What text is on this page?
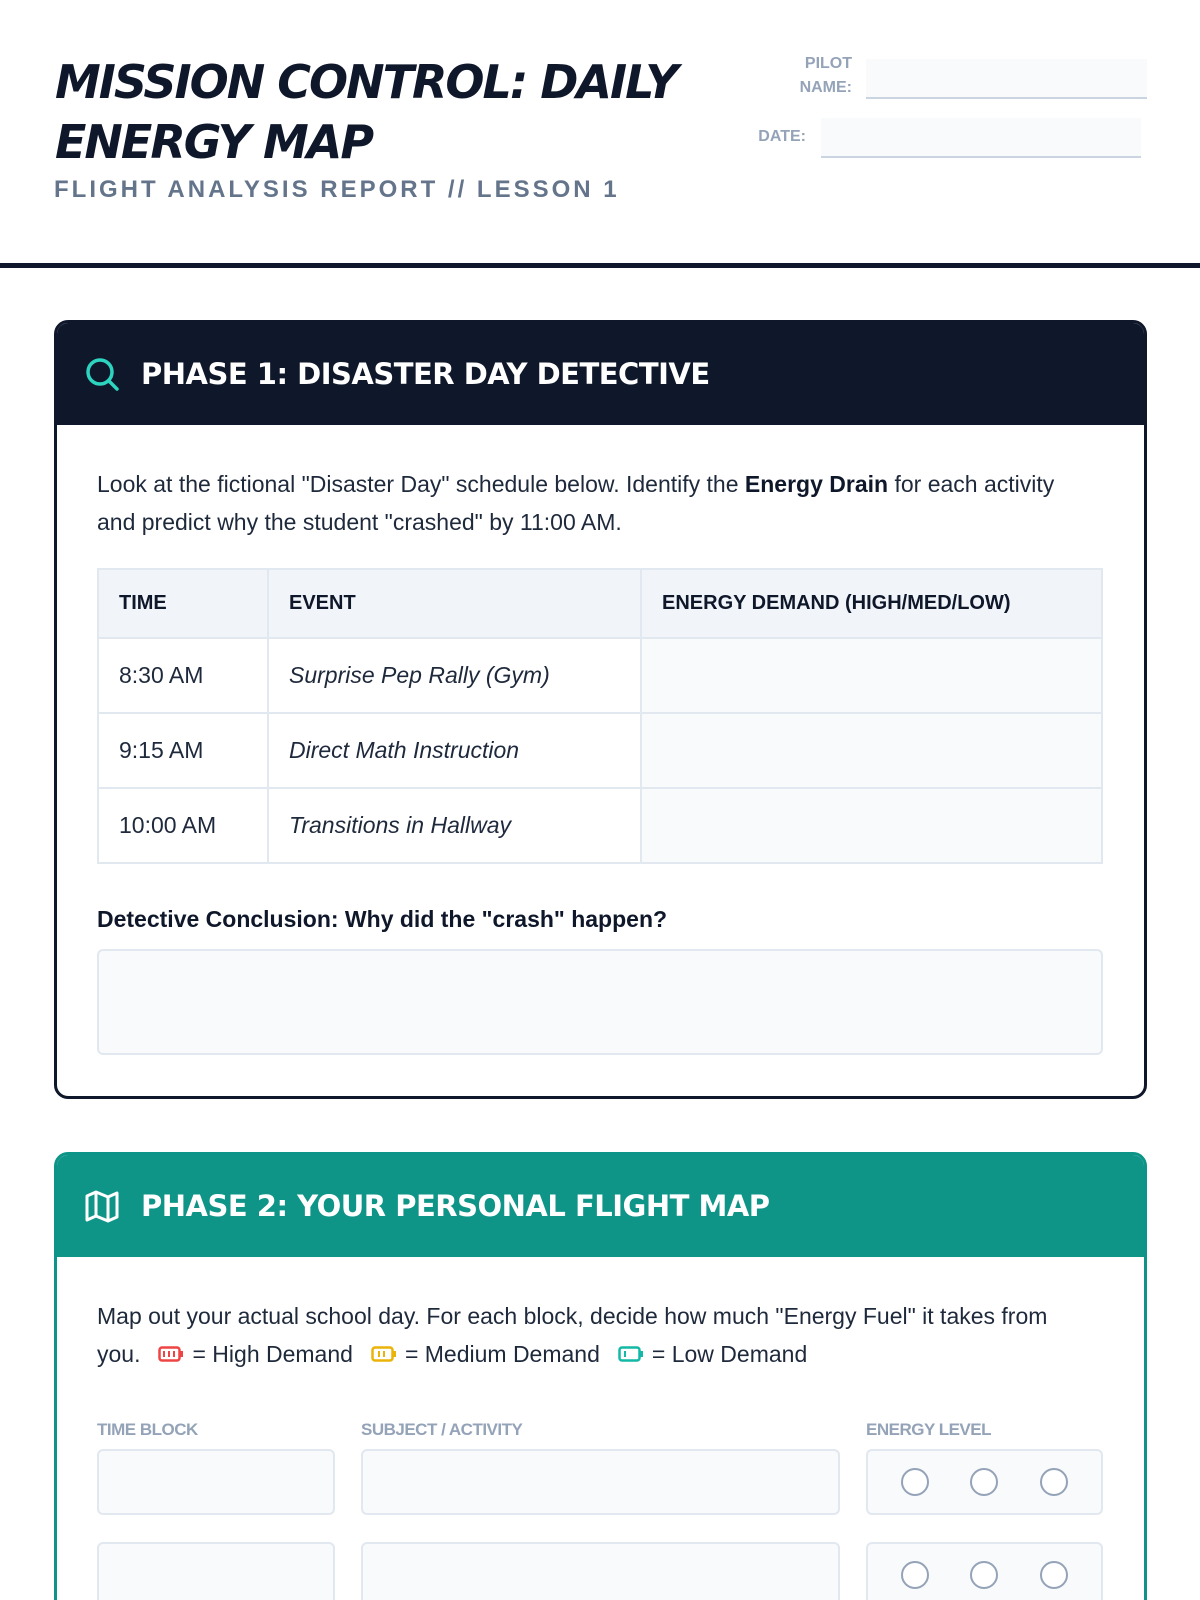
MISSION CONTROL: DAILY ENERGY MAP
FLIGHT ANALYSIS REPORT // LESSON 1
PILOT
NAME:
DATE:
PHASE 1: DISASTER DAY DETECTIVE
Look at the fictional "Disaster Day" schedule below. Identify the Energy Drain for each activity and predict why the student "crashed" by 11:00 AM.
TIME	EVENT	ENERGY DEMAND (HIGH/MED/LOW)
8:30 AM	Surprise Pep Rally (Gym)	
9:15 AM	Direct Math Instruction	
10:00 AM	Transitions in Hallway	
Detective Conclusion: Why did the "crash" happen?
PHASE 2: YOUR PERSONAL FLIGHT MAP
Map out your actual school day. For each block, decide how much "Energy Fuel" it takes from you. = High Demand = Medium Demand = Low Demand
TIME BLOCK	SUBJECT / ACTIVITY	ENERGY LEVEL
